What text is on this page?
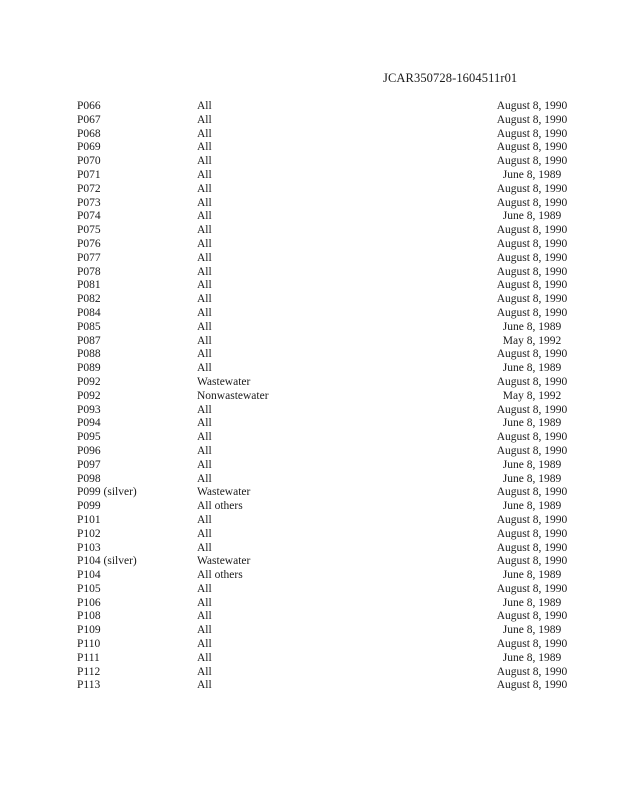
JCAR350728-1604511r01
P066	All	August 8, 1990
P067	All	August 8, 1990
P068	All	August 8, 1990
P069	All	August 8, 1990
P070	All	August 8, 1990
P071	All	June 8, 1989
P072	All	August 8, 1990
P073	All	August 8, 1990
P074	All	June 8, 1989
P075	All	August 8, 1990
P076	All	August 8, 1990
P077	All	August 8, 1990
P078	All	August 8, 1990
P081	All	August 8, 1990
P082	All	August 8, 1990
P084	All	August 8, 1990
P085	All	June 8, 1989
P087	All	May 8, 1992
P088	All	August 8, 1990
P089	All	June 8, 1989
P092	Wastewater	August 8, 1990
P092	Nonwastewater	May 8, 1992
P093	All	August 8, 1990
P094	All	June 8, 1989
P095	All	August 8, 1990
P096	All	August 8, 1990
P097	All	June 8, 1989
P098	All	June 8, 1989
P099 (silver)	Wastewater	August 8, 1990
P099	All others	June 8, 1989
P101	All	August 8, 1990
P102	All	August 8, 1990
P103	All	August 8, 1990
P104 (silver)	Wastewater	August 8, 1990
P104	All others	June 8, 1989
P105	All	August 8, 1990
P106	All	June 8, 1989
P108	All	August 8, 1990
P109	All	June 8, 1989
P110	All	August 8, 1990
P111	All	June 8, 1989
P112	All	August 8, 1990
P113	All	August 8, 1990
